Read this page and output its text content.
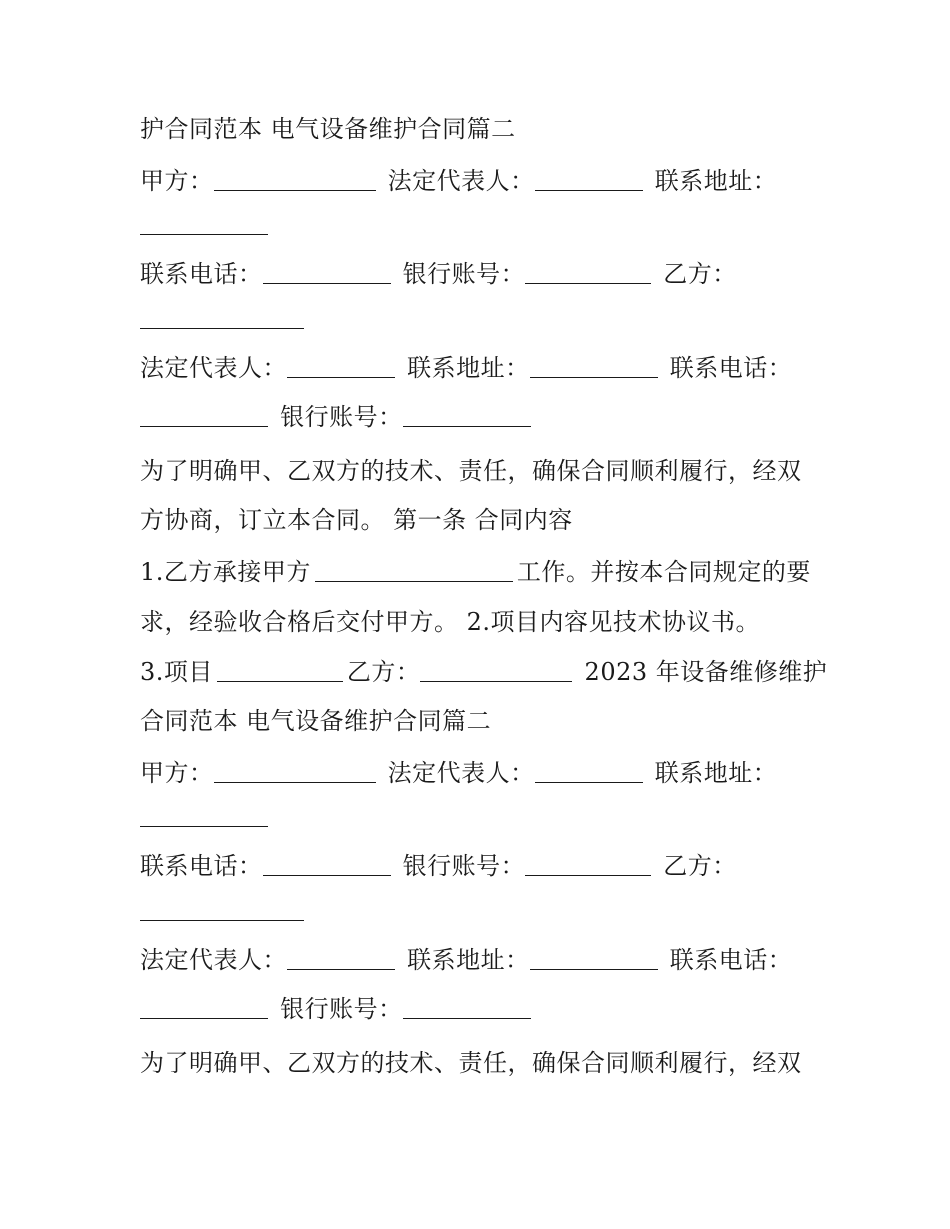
护合同范本 电气设备维护合同篇二
甲方：	法定代表人：	联系地址：
联系电话：	银行账号：	乙方：
法定代表人：	联系地址：	联系电话：
银行账号：
为了明确甲、乙双方的技术、责任，确保合同顺利履行，经双
方协商，订立本合同。 第一条 合同内容
1.乙方承接甲方	工作。并按本合同规定的要
求，经验收合格后交付甲方。 2.项目内容见技术协议书。
3.项目	乙方：	2023 年设备维修维护
合同范本 电气设备维护合同篇二
甲方：	法定代表人：	联系地址：
联系电话：	银行账号：	乙方：
法定代表人：	联系地址：	联系电话：
银行账号：
为了明确甲、乙双方的技术、责任，确保合同顺利履行，经双
